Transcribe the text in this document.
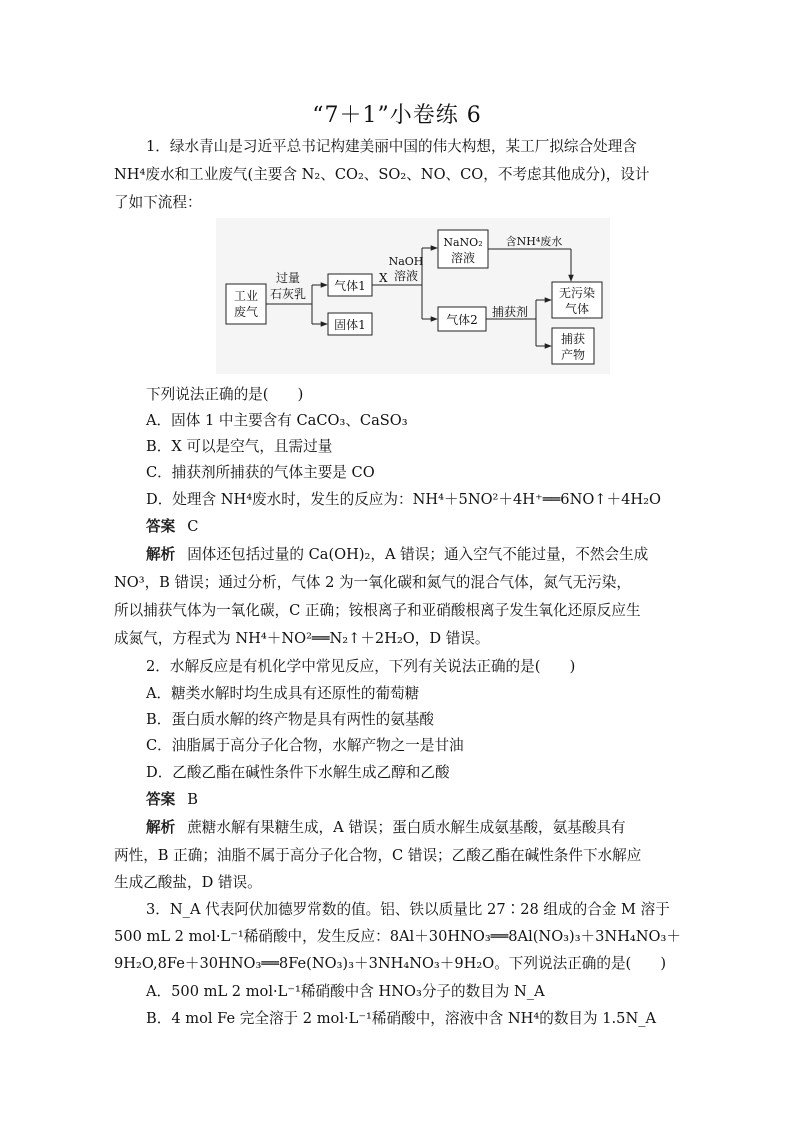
“7＋1”小卷练 6
1．绿水青山是习近平总书记构建美丽中国的伟大构想，某工厂拟综合处理含
NH⁴废水和工业废气(主要含 N₂、CO₂、SO₂、NO、CO，不考虑其他成分)，设计
了如下流程：
工业
废气
过量
石灰乳
气体1
固体1
X
NaOH
溶液
NaNO₂
溶液
含NH⁴废水
气体2
捕获剂
无污染
气体
捕获
产物
下列说法正确的是(　　)
A．固体 1 中主要含有 CaCO₃、CaSO₃
B．X 可以是空气，且需过量
C．捕获剂所捕获的气体主要是 CO
D．处理含 NH⁴废水时，发生的反应为：NH⁴＋5NO²＋4H⁺══6NO↑＋4H₂O
答案 C
解析 固体还包括过量的 Ca(OH)₂，A 错误；通入空气不能过量，不然会生成
NO³，B 错误；通过分析，气体 2 为一氧化碳和氮气的混合气体，氮气无污染，
所以捕获气体为一氧化碳，C 正确；铵根离子和亚硝酸根离子发生氧化还原反应生
成氮气，方程式为 NH⁴＋NO²══N₂↑＋2H₂O，D 错误。
2．水解反应是有机化学中常见反应，下列有关说法正确的是(　　)
A．糖类水解时均生成具有还原性的葡萄糖
B．蛋白质水解的终产物是具有两性的氨基酸
C．油脂属于高分子化合物，水解产物之一是甘油
D．乙酸乙酯在碱性条件下水解生成乙醇和乙酸
答案 B
解析 蔗糖水解有果糖生成，A 错误；蛋白质水解生成氨基酸，氨基酸具有
两性，B 正确；油脂不属于高分子化合物，C 错误；乙酸乙酯在碱性条件下水解应
生成乙酸盐，D 错误。
3．N_A 代表阿伏加德罗常数的值。铝、铁以质量比 27∶28 组成的合金 M 溶于
500 mL 2 mol·L⁻¹稀硝酸中，发生反应：8Al＋30HNO₃══8Al(NO₃)₃＋3NH₄NO₃＋
9H₂O,8Fe＋30HNO₃══8Fe(NO₃)₃＋3NH₄NO₃＋9H₂O。下列说法正确的是(　　)
A．500 mL 2 mol·L⁻¹稀硝酸中含 HNO₃分子的数目为 N_A
B．4 mol Fe 完全溶于 2 mol·L⁻¹稀硝酸中，溶液中含 NH⁴的数目为 1.5N_A
